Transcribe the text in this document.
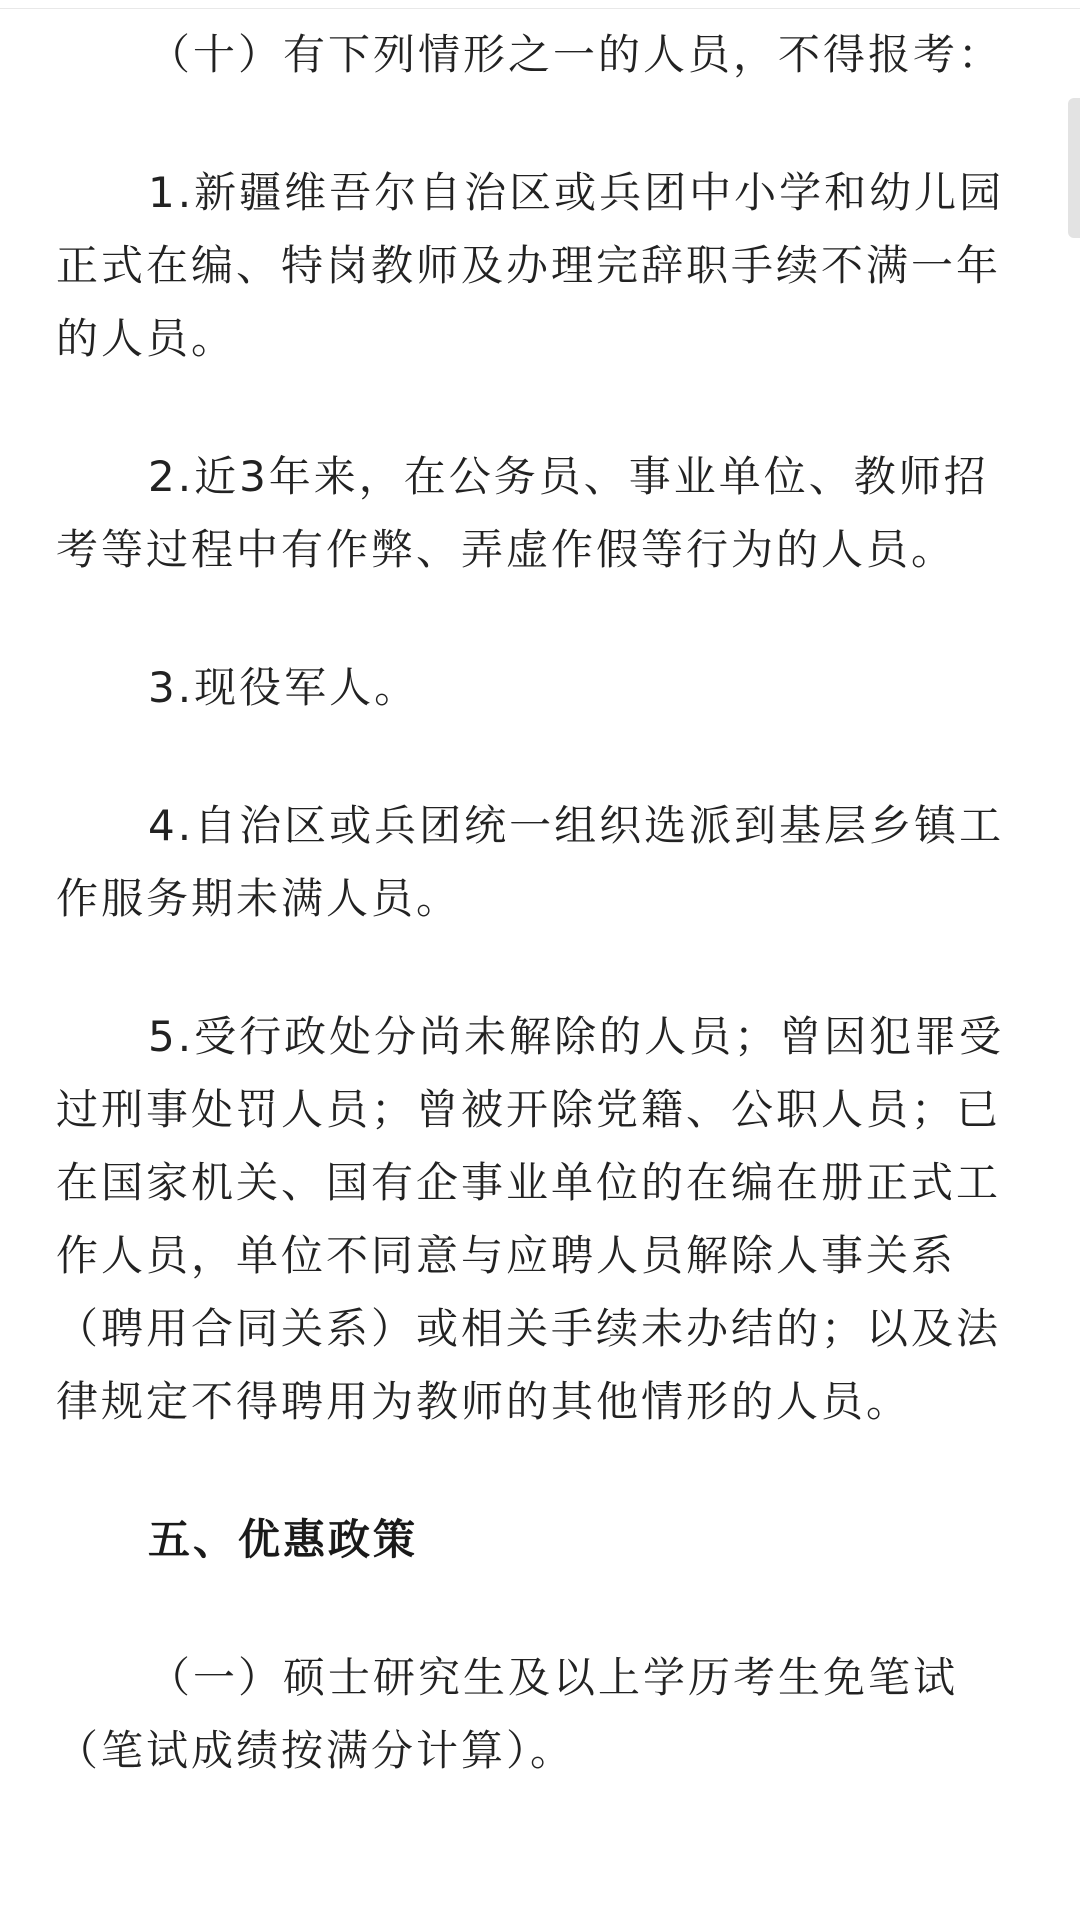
（十）有下列情形之一的人员，不得报考：

1.新疆维吾尔自治区或兵团中小学和幼儿园正式在编、特岗教师及办理完辞职手续不满一年的人员。

2.近3年来，在公务员、事业单位、教师招考等过程中有作弊、弄虚作假等行为的人员。

3.现役军人。

4.自治区或兵团统一组织选派到基层乡镇工作服务期未满人员。

5.受行政处分尚未解除的人员；曾因犯罪受过刑事处罚人员；曾被开除党籍、公职人员；已在国家机关、国有企事业单位的在编在册正式工作人员，单位不同意与应聘人员解除人事关系（聘用合同关系）或相关手续未办结的；以及法律规定不得聘用为教师的其他情形的人员。

五、优惠政策

（一）硕士研究生及以上学历考生免笔试（笔试成绩按满分计算）。
